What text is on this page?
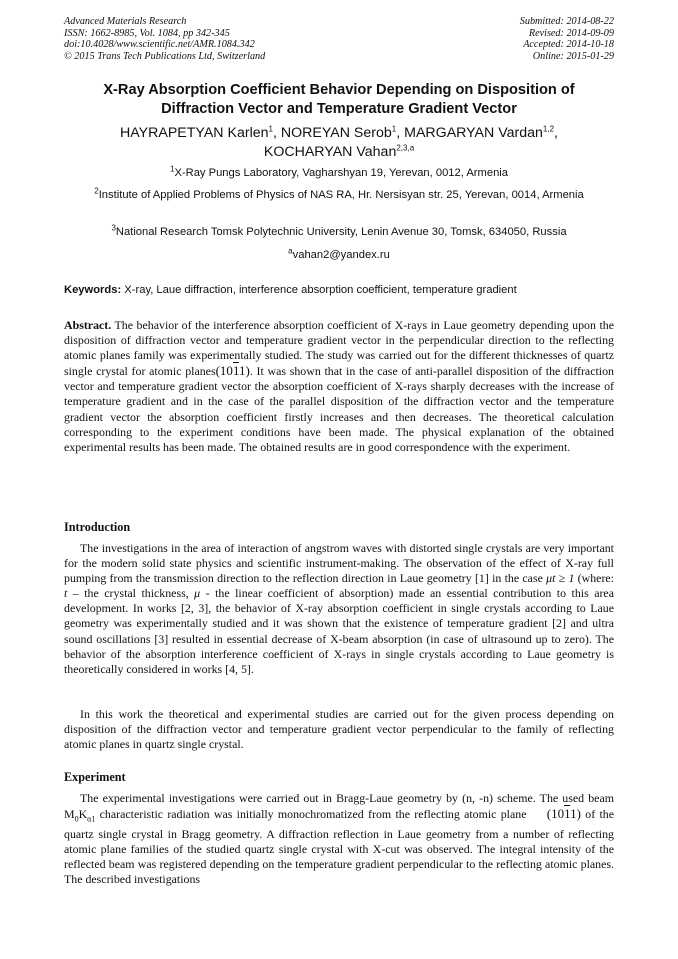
Advanced Materials Research
ISSN: 1662-8985, Vol. 1084, pp 342-345
doi:10.4028/www.scientific.net/AMR.1084.342
© 2015 Trans Tech Publications Ltd, Switzerland
Submitted: 2014-08-22
Revised: 2014-09-09
Accepted: 2014-10-18
Online: 2015-01-29
X-Ray Absorption Coefficient Behavior Depending on Disposition of
Diffraction Vector and Temperature Gradient Vector
HAYRAPETYAN Karlen$^1$, NOREYAN Serob$^1$, MARGARYAN Vardan$^{1,2}$,
KOCHARYAN Vahan$^{2,3,a}$
$^1$X-Ray Pungs Laboratory, Vagharshyan 19, Yerevan, 0012, Armenia
$^2$Institute of Applied Problems of Physics of NAS RA, Hr. Nersisyan str. 25, Yerevan, 0014, Armenia
$^3$National Research Tomsk Polytechnic University, Lenin Avenue 30, Tomsk, 634050, Russia
$^a$vahan2@yandex.ru
Keywords: X-ray, Laue diffraction, interference absorption coefficient, temperature gradient
Abstract. The behavior of the interference absorption coefficient of X-rays in Laue geometry depending upon the disposition of diffraction vector and temperature gradient vector in the perpendicular direction to the reflecting atomic planes family was experimentally studied. The study was carried out for the different thicknesses of quartz single crystal for atomic planes(1011). It was shown that in the case of anti-parallel disposition of the diffraction vector and temperature gradient vector the absorption coefficient of X-rays sharply decreases with the increase of temperature gradient and in the case of the parallel disposition of the diffraction vector and the temperature gradient vector the absorption coefficient firstly increases and then decreases. The theoretical calculation corresponding to the experiment conditions have been made. The physical explanation of the obtained experimental results has been made. The obtained results are in good correspondence with the experiment.
Introduction
The investigations in the area of interaction of angstrom waves with distorted single crystals are very important for the modern solid state physics and scientific instrument-making. The observation of the effect of X-ray full pumping from the transmission direction to the reflection direction in Laue geometry [1] in the case μt ≥ 1 (where: t – the crystal thickness, μ - the linear coefficient of absorption) made an essential contribution to this area development. In works [2, 3], the behavior of X-ray absorption coefficient in single crystals according to Laue geometry was experimentally studied and it was shown that the existence of temperature gradient [2] and ultra sound oscillations [3] resulted in essential decrease of X-beam absorption (in case of ultrasound up to zero). The behavior of the absorption interference coefficient of X-rays in single crystals according to Laue geometry is theoretically considered in works [4, 5].
In this work the theoretical and experimental studies are carried out for the given process depending on disposition of the diffraction vector and temperature gradient vector perpendicular to the family of reflecting atomic planes in quartz single crystal.
Experiment
The experimental investigations were carried out in Bragg-Laue geometry by (n, -n) scheme. The used beam $M_0K_{\alpha 1}$ characteristic radiation was initially monochromatized from the reflecting atomic plane (1011) of the quartz single crystal in Bragg geometry. A diffraction reflection in Laue geometry from a number of reflecting atomic plane families of the studied quartz single crystal with X-cut was observed. The integral intensity of the reflected beam was registered depending on the temperature gradient perpendicular to the reflecting atomic planes. The described investigations
